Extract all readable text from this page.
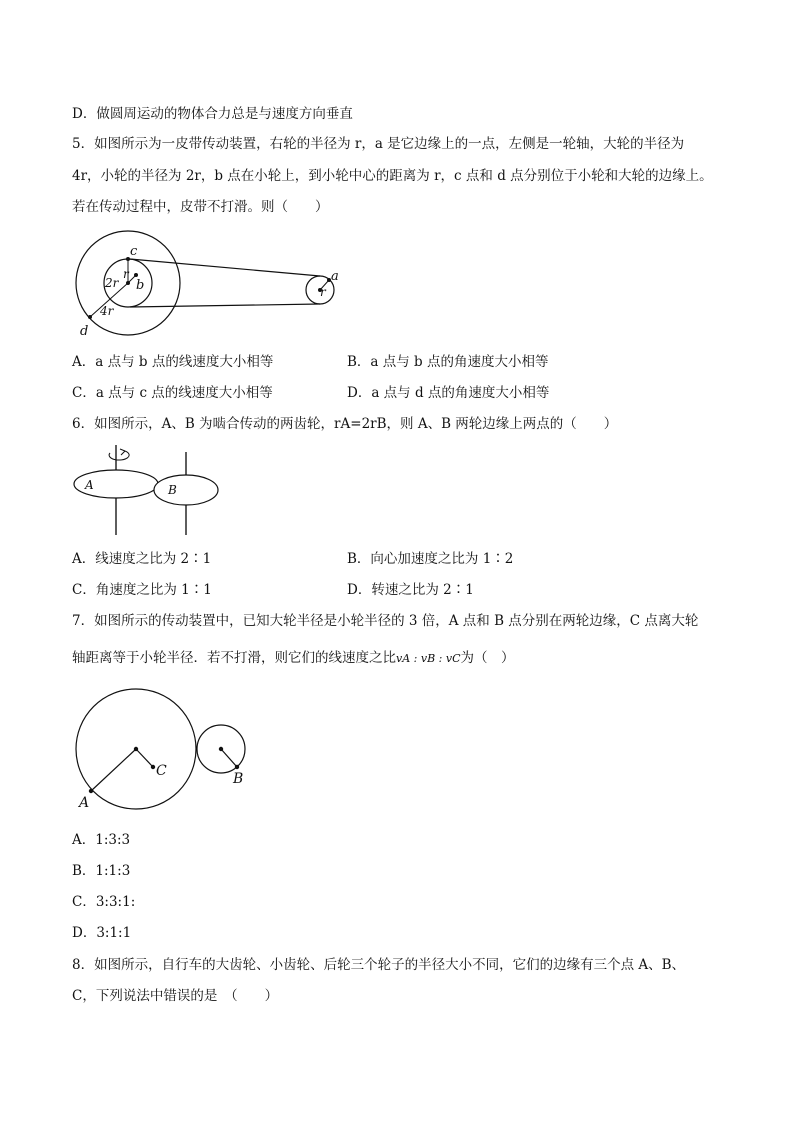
D．做圆周运动的物体合力总是与速度方向垂直
5．如图所示为一皮带传动装置，右轮的半径为 r，a 是它边缘上的一点，左侧是一轮轴，大轮的半径为
4r，小轮的半径为 2r，b 点在小轮上，到小轮中心的距离为 r，c 点和 d 点分别位于小轮和大轮的边缘上。
若在传动过程中，皮带不打滑。则（　　）
c
r
2r b
4r
d
a
r
A．a 点与 b 点的线速度大小相等	B．a 点与 b 点的角速度大小相等
C．a 点与 c 点的线速度大小相等	D．a 点与 d 点的角速度大小相等
6．如图所示，A、B 为啮合传动的两齿轮，rA=2rB，则 A、B 两轮边缘上两点的（　　）
A	B
A．线速度之比为 2∶1	B．向心加速度之比为 1∶2
C．角速度之比为 1∶1	D．转速之比为 2∶1
7．如图所示的传动装置中，已知大轮半径是小轮半径的 3 倍，A 点和 B 点分别在两轮边缘，C 点离大轮
轴距离等于小轮半径．若不打滑，则它们的线速度之比vA : vB : vC为（　）
A
C	B
A．1:3:3
B．1:1:3
C．3:3:1:
D．3:1:1
8．如图所示，自行车的大齿轮、小齿轮、后轮三个轮子的半径大小不同，它们的边缘有三个点 A、B、
C，下列说法中错误的是　（　　）
